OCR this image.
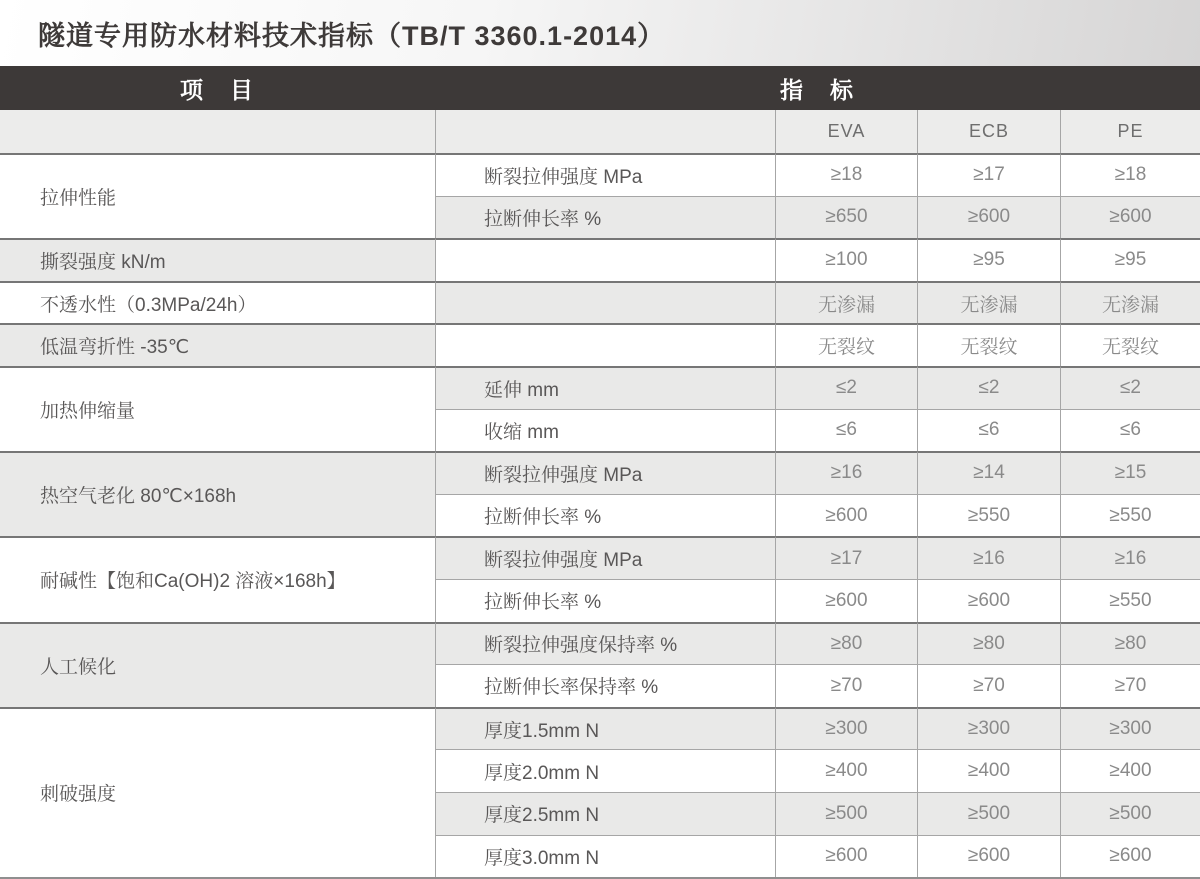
隧道专用防水材料技术指标（TB/T 3360.1-2014）
项　目	指　标
EVA	ECB	PE
拉伸性能
断裂拉伸强度 MPa	≥18	≥17	≥18
拉断伸长率 %	≥650	≥600	≥600
撕裂强度 kN/m	≥100	≥95	≥95
不透水性（0.3MPa/24h）	无渗漏	无渗漏	无渗漏
低温弯折性 -35℃	无裂纹	无裂纹	无裂纹
加热伸缩量
延伸 mm	≤2	≤2	≤2
收缩 mm	≤6	≤6	≤6
热空气老化 80℃×168h
断裂拉伸强度 MPa	≥16	≥14	≥15
拉断伸长率 %	≥600	≥550	≥550
耐碱性【饱和Ca(OH)2 溶液×168h】
断裂拉伸强度 MPa	≥17	≥16	≥16
拉断伸长率 %	≥600	≥600	≥550
人工候化
断裂拉伸强度保持率 %	≥80	≥80	≥80
拉断伸长率保持率 %	≥70	≥70	≥70
刺破强度
厚度1.5mm N	≥300	≥300	≥300
厚度2.0mm N	≥400	≥400	≥400
厚度2.5mm N	≥500	≥500	≥500
厚度3.0mm N	≥600	≥600	≥600
